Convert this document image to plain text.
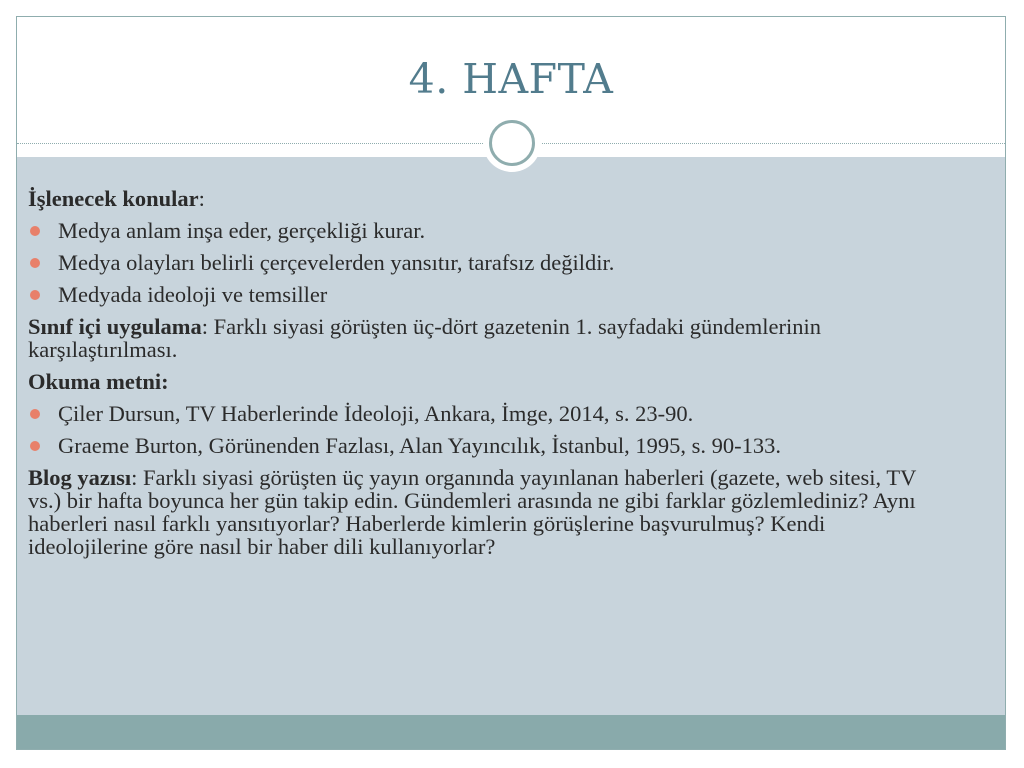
4. HAFTA

İşlenecek konular:

Medya anlam inşa eder, gerçekliği kurar.
Medya olayları belirli çerçevelerden yansıtır, tarafsız değildir.
Medyada ideoloji ve temsiller

Sınıf içi uygulama: Farklı siyasi görüşten üç-dört gazetenin 1. sayfadaki gündemlerinin karşılaştırılması.

Okuma metni:

Çiler Dursun, TV Haberlerinde İdeoloji, Ankara, İmge, 2014, s. 23-90.
Graeme Burton, Görünenden Fazlası, Alan Yayıncılık, İstanbul, 1995, s. 90-133.

Blog yazısı: Farklı siyasi görüşten üç yayın organında yayınlanan haberleri (gazete, web sitesi, TV vs.) bir hafta boyunca her gün takip edin. Gündemleri arasında ne gibi farklar gözlemlediniz? Aynı haberleri nasıl farklı yansıtıyorlar? Haberlerde kimlerin görüşlerine başvurulmuş? Kendi ideolojilerine göre nasıl bir haber dili kullanıyorlar?
